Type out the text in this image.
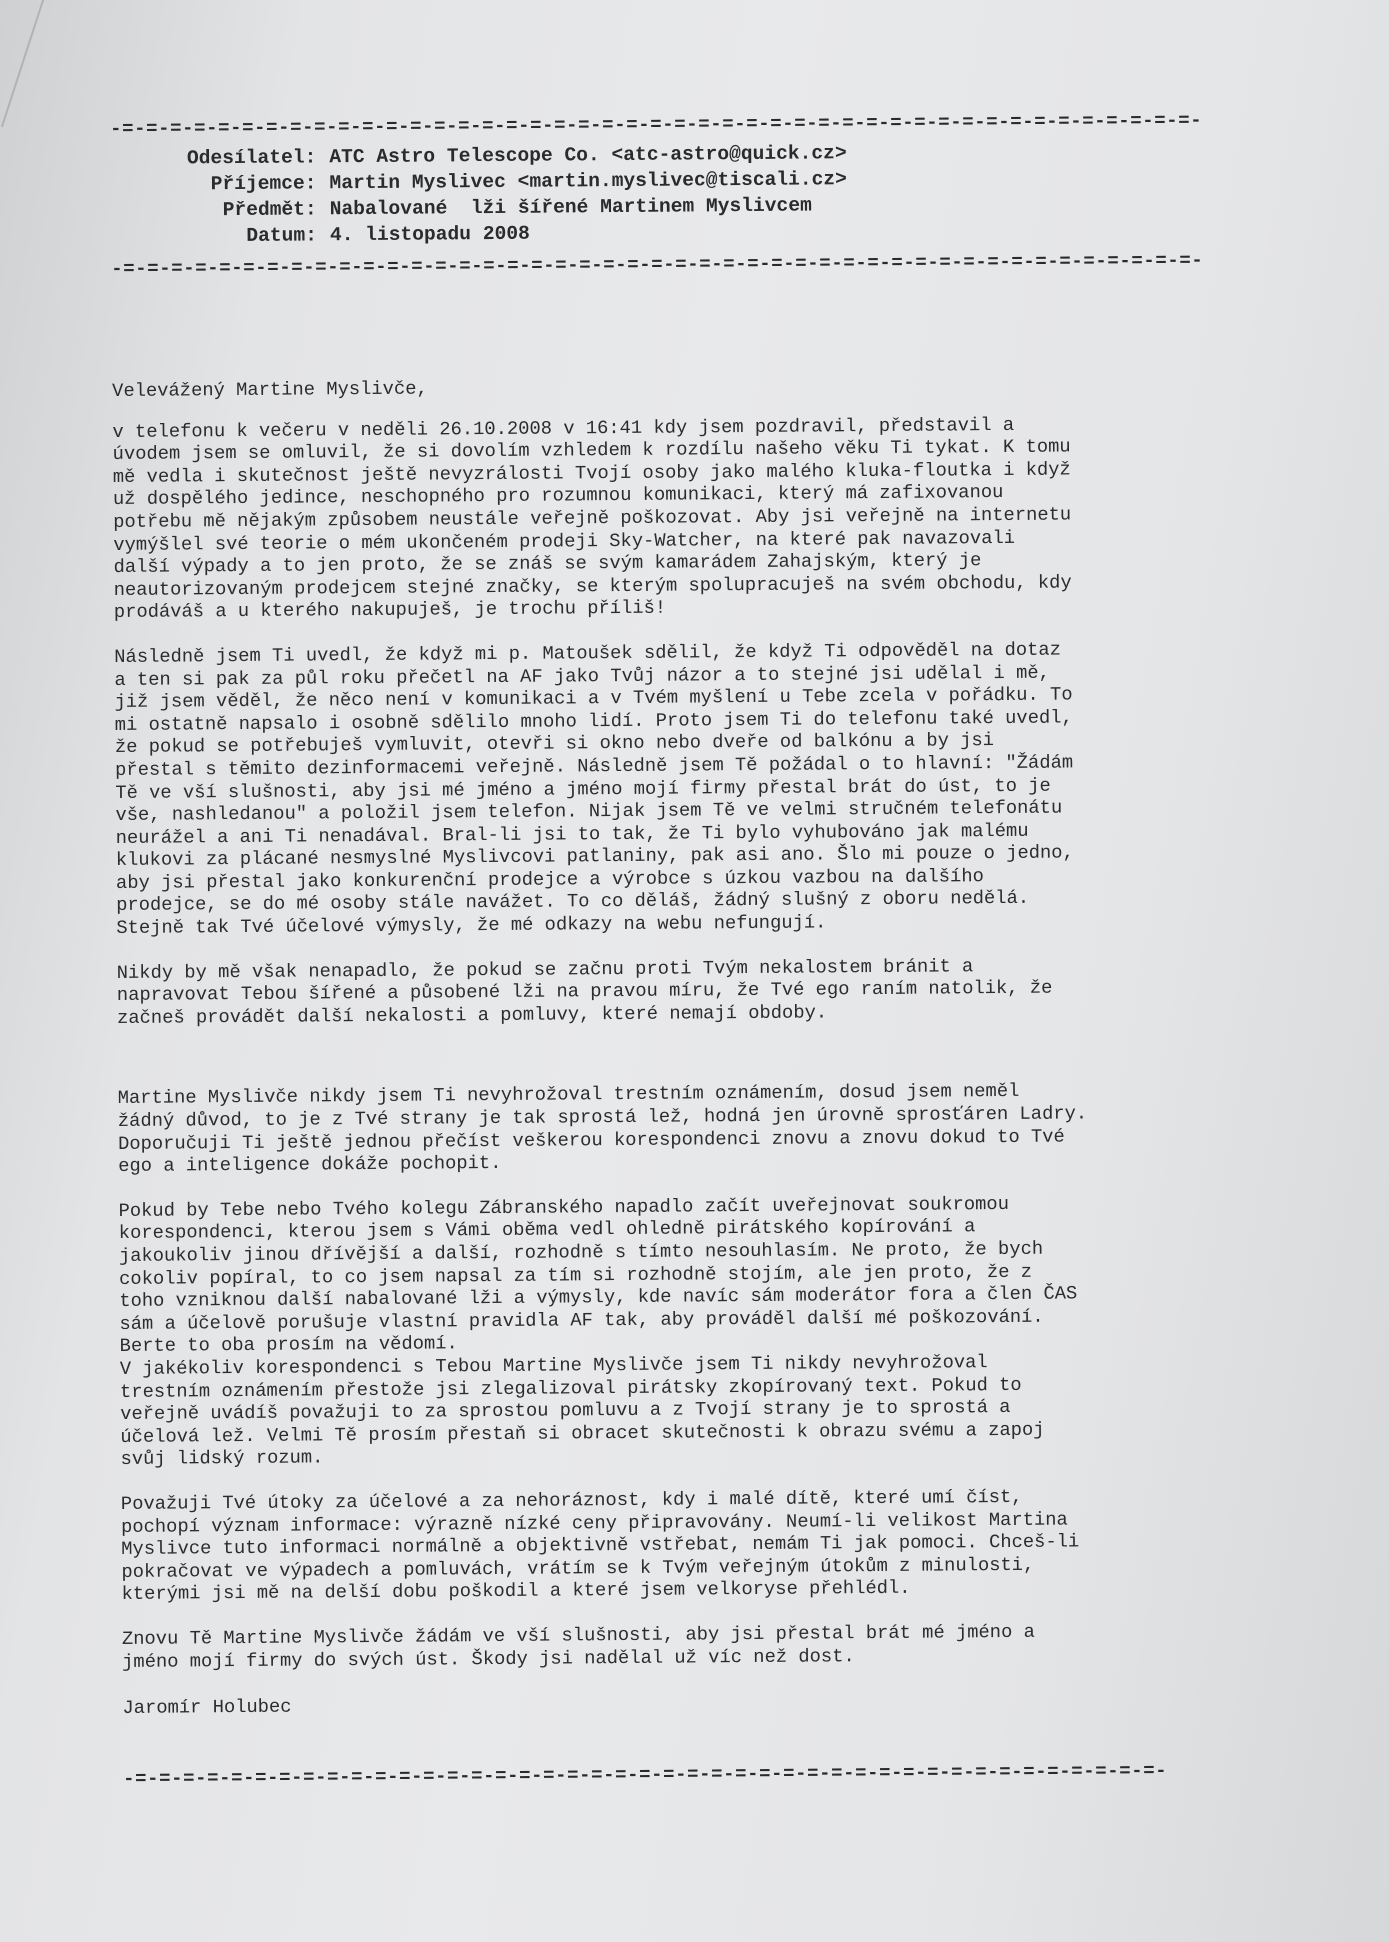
-=-=-=-=-=-=-=-=-=-=-=-=-=-=-=-=-=-=-=-=-=-=-=-=-=-=-=-=-=-=-=-=-=-=-=-=-=-=-=-=-=-=-=-=-=-
Odesílatel: ATC Astro Telescope Co. <atc-astro@quick.cz>
Příjemce: Martin Myslivec <martin.myslivec@tiscali.cz>
Předmět: Nabalované  lži šířené Martinem Myslivcem
Datum: 4. listopadu 2008
-=-=-=-=-=-=-=-=-=-=-=-=-=-=-=-=-=-=-=-=-=-=-=-=-=-=-=-=-=-=-=-=-=-=-=-=-=-=-=-=-=-=-=-=-=-
Velevážený Martine Myslivče,
v telefonu k večeru v neděli 26.10.2008 v 16:41 kdy jsem pozdravil, představil a
úvodem jsem se omluvil, že si dovolím vzhledem k rozdílu našeho věku Ti tykat. K tomu
mě vedla i skutečnost ještě nevyzrálosti Tvojí osoby jako malého kluka-floutka i když
už dospělého jedince, neschopného pro rozumnou komunikaci, který má zafixovanou
potřebu mě nějakým způsobem neustále veřejně poškozovat. Aby jsi veřejně na internetu
vymýšlel své teorie o mém ukončeném prodeji Sky-Watcher, na které pak navazovali
další výpady a to jen proto, že se znáš se svým kamarádem Zahajským, který je
neautorizovaným prodejcem stejné značky, se kterým spolupracuješ na svém obchodu, kdy
prodáváš a u kterého nakupuješ, je trochu příliš!
Následně jsem Ti uvedl, že když mi p. Matoušek sdělil, že když Ti odpověděl na dotaz
a ten si pak za půl roku přečetl na AF jako Tvůj názor a to stejné jsi udělal i mě,
již jsem věděl, že něco není v komunikaci a v Tvém myšlení u Tebe zcela v pořádku. To
mi ostatně napsalo i osobně sdělilo mnoho lidí. Proto jsem Ti do telefonu také uvedl,
že pokud se potřebuješ vymluvit, otevři si okno nebo dveře od balkónu a by jsi
přestal s těmito dezinformacemi veřejně. Následně jsem Tě požádal o to hlavní: "Žádám
Tě ve vší slušnosti, aby jsi mé jméno a jméno mojí firmy přestal brát do úst, to je
vše, nashledanou" a položil jsem telefon. Nijak jsem Tě ve velmi stručném telefonátu
neurážel a ani Ti nenadával. Bral-li jsi to tak, že Ti bylo vyhubováno jak malému
klukovi za plácané nesmyslné Myslivcovi patlaniny, pak asi ano. Šlo mi pouze o jedno,
aby jsi přestal jako konkurenční prodejce a výrobce s úzkou vazbou na dalšího
prodejce, se do mé osoby stále navážet. To co děláš, žádný slušný z oboru nedělá.
Stejně tak Tvé účelové výmysly, že mé odkazy na webu nefungují.
Nikdy by mě však nenapadlo, že pokud se začnu proti Tvým nekalostem bránit a
napravovat Tebou šířené a působené lži na pravou míru, že Tvé ego raním natolik, že
začneš provádět další nekalosti a pomluvy, které nemají obdoby.
Martine Myslivče nikdy jsem Ti nevyhrožoval trestním oznámením, dosud jsem neměl
žádný důvod, to je z Tvé strany je tak sprostá lež, hodná jen úrovně sprosťáren Ladry.
Doporučuji Ti ještě jednou přečíst veškerou korespondenci znovu a znovu dokud to Tvé
ego a inteligence dokáže pochopit.
Pokud by Tebe nebo Tvého kolegu Zábranského napadlo začít uveřejnovat soukromou
korespondenci, kterou jsem s Vámi oběma vedl ohledně pirátského kopírování a
jakoukoliv jinou dřívější a další, rozhodně s tímto nesouhlasím. Ne proto, že bych
cokoliv popíral, to co jsem napsal za tím si rozhodně stojím, ale jen proto, že z
toho vzniknou další nabalované lži a výmysly, kde navíc sám moderátor fora a člen ČAS
sám a účelově porušuje vlastní pravidla AF tak, aby prováděl další mé poškozování.
Berte to oba prosím na vědomí.
V jakékoliv korespondenci s Tebou Martine Myslivče jsem Ti nikdy nevyhrožoval
trestním oznámením přestože jsi zlegalizoval pirátsky zkopírovaný text. Pokud to
veřejně uvádíš považuji to za sprostou pomluvu a z Tvojí strany je to sprostá a
účelová lež. Velmi Tě prosím přestaň si obracet skutečnosti k obrazu svému a zapoj
svůj lidský rozum.
Považuji Tvé útoky za účelové a za nehoráznost, kdy i malé dítě, které umí číst,
pochopí význam informace: výrazně nízké ceny připravovány. Neumí-li velikost Martina
Myslivce tuto informaci normálně a objektivně vstřebat, nemám Ti jak pomoci. Chceš-li
pokračovat ve výpadech a pomluvách, vrátím se k Tvým veřejným útokům z minulosti,
kterými jsi mě na delší dobu poškodil a které jsem velkoryse přehlédl.
Znovu Tě Martine Myslivče žádám ve vší slušnosti, aby jsi přestal brát mé jméno a
jméno mojí firmy do svých úst. Škody jsi nadělal už víc než dost.
Jaromír Holubec
-=-=-=-=-=-=-=-=-=-=-=-=-=-=-=-=-=-=-=-=-=-=-=-=-=-=-=-=-=-=-=-=-=-=-=-=-=-=-=-=-=-=-=-
